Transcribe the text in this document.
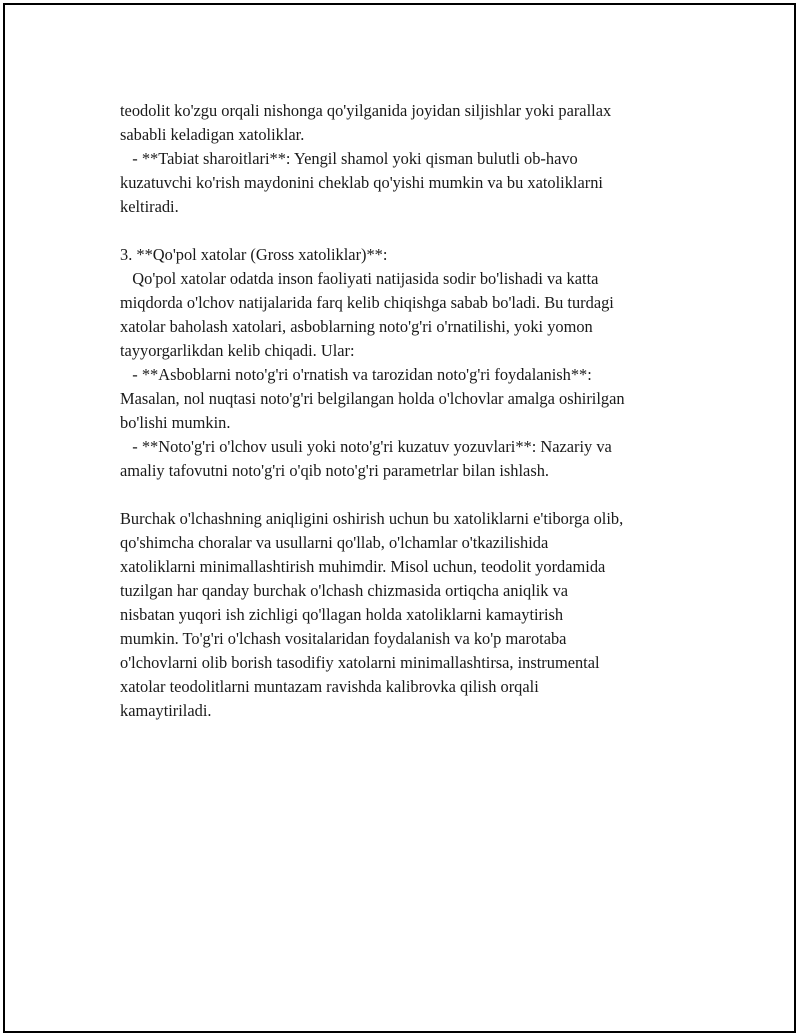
teodolit ko'zgu orqali nishonga qo'yilganida joyidan siljishlar yoki parallax
sababli keladigan xatoliklar.
- **Tabiat sharoitlari**: Yengil shamol yoki qisman bulutli ob-havo
kuzatuvchi ko'rish maydonini cheklab qo'yishi mumkin va bu xatoliklarni
keltiradi.
3. **Qo'pol xatolar (Gross xatoliklar)**:
Qo'pol xatolar odatda inson faoliyati natijasida sodir bo'lishadi va katta
miqdorda o'lchov natijalarida farq kelib chiqishga sabab bo'ladi. Bu turdagi
xatolar baholash xatolari, asboblarning noto'g'ri o'rnatilishi, yoki yomon
tayyorgarlikdan kelib chiqadi. Ular:
- **Asboblarni noto'g'ri o'rnatish va tarozidan noto'g'ri foydalanish**:
Masalan, nol nuqtasi noto'g'ri belgilangan holda o'lchovlar amalga oshirilgan
bo'lishi mumkin.
- **Noto'g'ri o'lchov usuli yoki noto'g'ri kuzatuv yozuvlari**: Nazariy va
amaliy tafovutni noto'g'ri o'qib noto'g'ri parametrlar bilan ishlash.
Burchak o'lchashning aniqligini oshirish uchun bu xatoliklarni e'tiborga olib,
qo'shimcha choralar va usullarni qo'llab, o'lchamlar o'tkazilishida
xatoliklarni minimallashtirish muhimdir. Misol uchun, teodolit yordamida
tuzilgan har qanday burchak o'lchash chizmasida ortiqcha aniqlik va
nisbatan yuqori ish zichligi qo'llagan holda xatoliklarni kamaytirish
mumkin. To'g'ri o'lchash vositalaridan foydalanish va ko'p marotaba
o'lchovlarni olib borish tasodifiy xatolarni minimallashtirsa, instrumental
xatolar teodolitlarni muntazam ravishda kalibrovka qilish orqali
kamaytiriladi.
